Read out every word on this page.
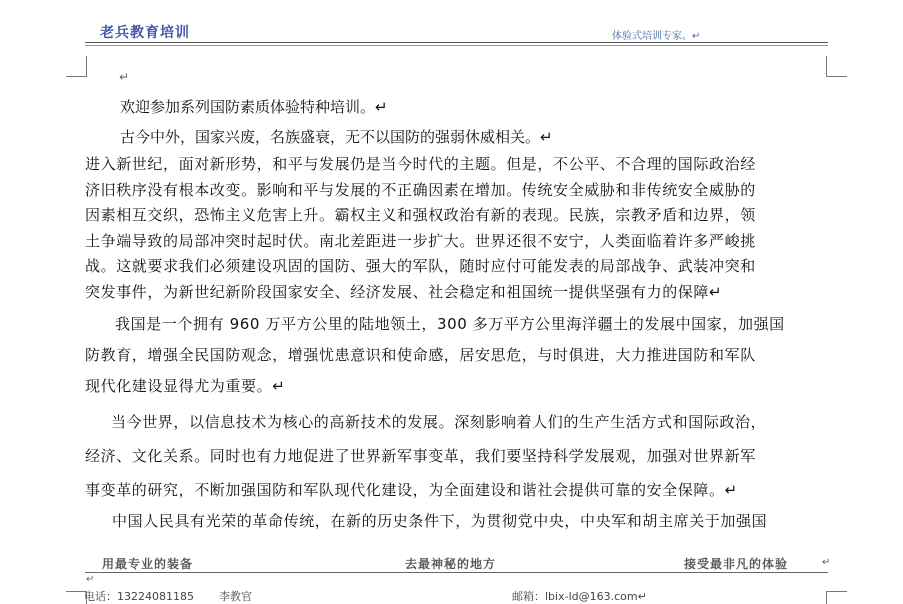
老兵教育培训	体验式培训专家。↵
↵
欢迎参加系列国防素质体验特种培训。↵
古今中外，国家兴废，名族盛衰，无不以国防的强弱休威相关。↵

进入新世纪，面对新形势，和平与发展仍是当今时代的主题。但是，不公平、不合理的国际政治经

济旧秩序没有根本改变。影响和平与发展的不正确因素在增加。传统安全威胁和非传统安全威胁的

因素相互交织，恐怖主义危害上升。霸权主义和强权政治有新的表现。民族，宗教矛盾和边界，领

土争端导致的局部冲突时起时伏。南北差距进一步扩大。世界还很不安宁，人类面临着许多严峻挑

战。这就要求我们必须建设巩固的国防、强大的军队，随时应付可能发表的局部战争、武装冲突和

突发事件，为新世纪新阶段国家安全、经济发展、社会稳定和祖国统一提供坚强有力的保障↵

我国是一个拥有 960 万平方公里的陆地领土，300 多万平方公里海洋疆土的发展中国家，加强国

防教育，增强全民国防观念，增强忧患意识和使命感，居安思危，与时俱进，大力推进国防和军队

现代化建设显得尤为重要。↵

当今世界，以信息技术为核心的高新技术的发展。深刻影响着人们的生产生活方式和国际政治，

经济、文化关系。同时也有力地促进了世界新军事变革，我们要坚持科学发展观，加强对世界新军

事变革的研究，不断加强国防和军队现代化建设，为全面建设和谐社会提供可靠的安全保障。↵

中国人民具有光荣的革命传统，在新的历史条件下，为贯彻党中央，中央军和胡主席关于加强国
用最专业的装备	去最神秘的地方	接受最非凡的体验	↵
↵
电话：13224081185 李教官	邮箱：lbix-ld@163.com↵
